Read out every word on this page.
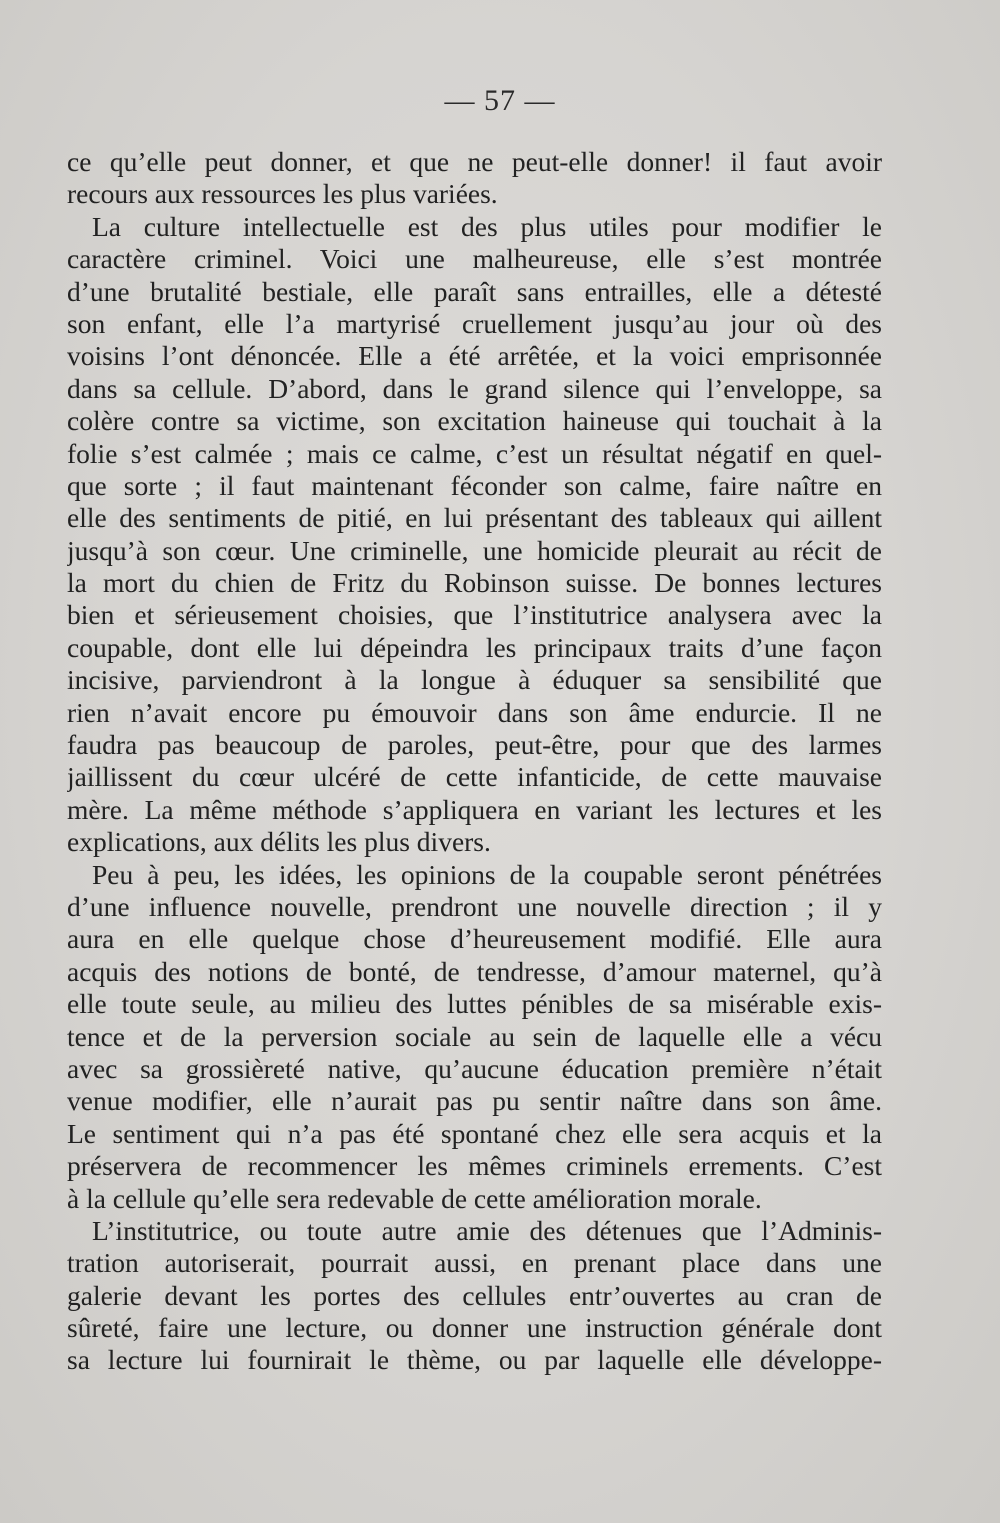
— 57 —
ce qu’elle peut donner, et que ne peut-elle donner! il faut avoir
recours aux ressources les plus variées.
La culture intellectuelle est des plus utiles pour modifier le
caractère criminel. Voici une malheureuse, elle s’est montrée
d’une brutalité bestiale, elle paraît sans entrailles, elle a détesté
son enfant, elle l’a martyrisé cruellement jusqu’au jour où des
voisins l’ont dénoncée. Elle a été arrêtée, et la voici emprisonnée
dans sa cellule. D’abord, dans le grand silence qui l’enveloppe, sa
colère contre sa victime, son excitation haineuse qui touchait à la
folie s’est calmée ; mais ce calme, c’est un résultat négatif en quel-
que sorte ; il faut maintenant féconder son calme, faire naître en
elle des sentiments de pitié, en lui présentant des tableaux qui aillent
jusqu’à son cœur. Une criminelle, une homicide pleurait au récit de
la mort du chien de Fritz du Robinson suisse. De bonnes lectures
bien et sérieusement choisies, que l’institutrice analysera avec la
coupable, dont elle lui dépeindra les principaux traits d’une façon
incisive, parviendront à la longue à éduquer sa sensibilité que
rien n’avait encore pu émouvoir dans son âme endurcie. Il ne
faudra pas beaucoup de paroles, peut-être, pour que des larmes
jaillissent du cœur ulcéré de cette infanticide, de cette mauvaise
mère. La même méthode s’appliquera en variant les lectures et les
explications, aux délits les plus divers.
Peu à peu, les idées, les opinions de la coupable seront pénétrées
d’une influence nouvelle, prendront une nouvelle direction ; il y
aura en elle quelque chose d’heureusement modifié. Elle aura
acquis des notions de bonté, de tendresse, d’amour maternel, qu’à
elle toute seule, au milieu des luttes pénibles de sa misérable exis-
tence et de la perversion sociale au sein de laquelle elle a vécu
avec sa grossièreté native, qu’aucune éducation première n’était
venue modifier, elle n’aurait pas pu sentir naître dans son âme.
Le sentiment qui n’a pas été spontané chez elle sera acquis et la
préservera de recommencer les mêmes criminels errements. C’est
à la cellule qu’elle sera redevable de cette amélioration morale.
L’institutrice, ou toute autre amie des détenues que l’Adminis-
tration autoriserait, pourrait aussi, en prenant place dans une
galerie devant les portes des cellules entr’ouvertes au cran de
sûreté, faire une lecture, ou donner une instruction générale dont
sa lecture lui fournirait le thème, ou par laquelle elle développe-
